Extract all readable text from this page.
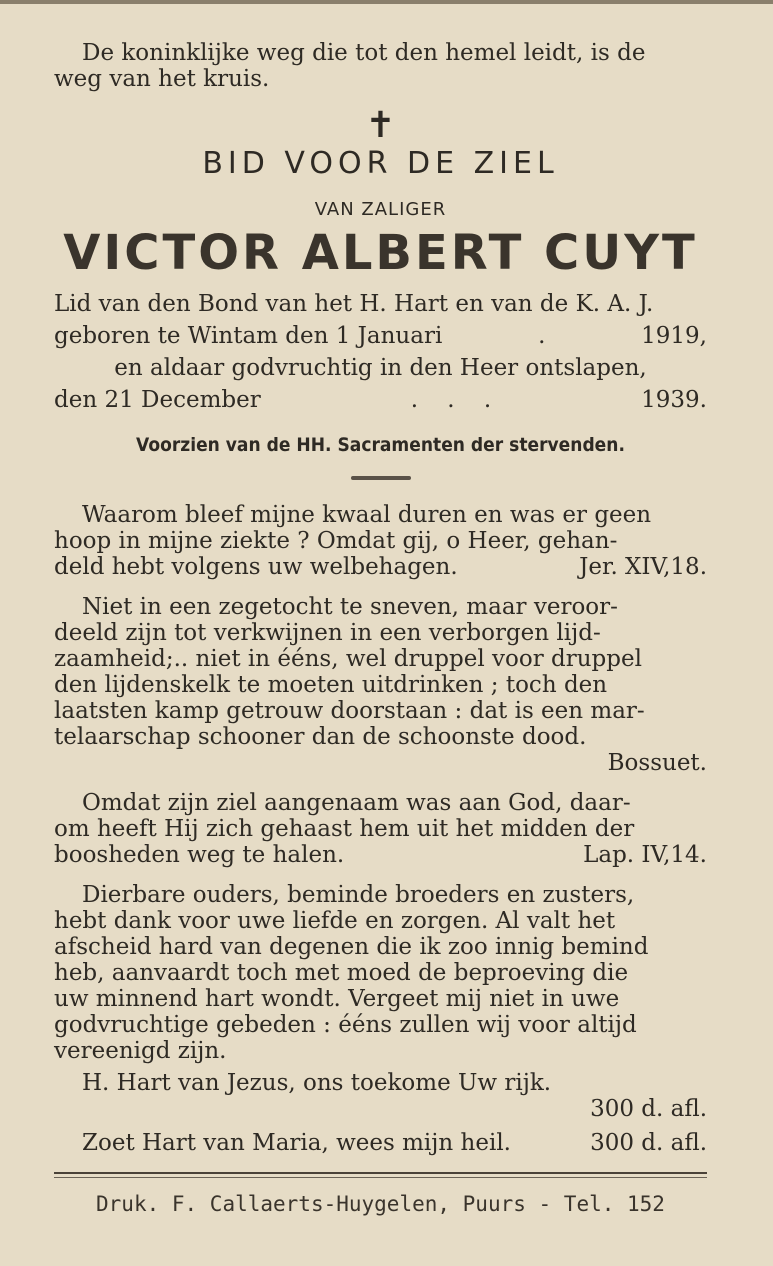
De koninklijke weg die tot den hemel leidt, is de
weg van het kruis.
✝
BID VOOR DE ZIEL
VAN ZALIGER
VICTOR ALBERT CUYT
Lid van den Bond van het H. Hart en van de K. A. J.
geboren te Wintam den 1 Januari	.	1919,
en aldaar godvruchtig in den Heer ontslapen,
den 21 December	.    .    .	1939.
Voorzien van de HH. Sacramenten der stervenden.
Waarom bleef mijne kwaal duren en was er geen
hoop in mijne ziekte ? Omdat gij, o Heer, gehan-
deld hebt volgens uw welbehagen.	Jer. XIV,18.
Niet in een zegetocht te sneven, maar veroor-
deeld zijn tot verkwijnen in een verborgen lijd-
zaamheid;.. niet in ééns, wel druppel voor druppel
den lijdenskelk te moeten uitdrinken ; toch den
laatsten kamp getrouw doorstaan : dat is een mar-
telaarschap schooner dan de schoonste dood.
Bossuet.
Omdat zijn ziel aangenaam was aan God, daar-
om heeft Hij zich gehaast hem uit het midden der
boosheden weg te halen.	Lap. IV,14.
Dierbare ouders, beminde broeders en zusters,
hebt dank voor uwe liefde en zorgen. Al valt het
afscheid hard van degenen die ik zoo innig bemind
heb, aanvaardt toch met moed de beproeving die
uw minnend hart wondt. Vergeet mij niet in uwe
godvruchtige gebeden : ééns zullen wij voor altijd
vereenigd zijn.
H. Hart van Jezus, ons toekome Uw rijk.
300 d. afl.
Zoet Hart van Maria, wees mijn heil.	300 d. afl.
Druk. F. Callaerts-Huygelen, Puurs - Tel. 152
